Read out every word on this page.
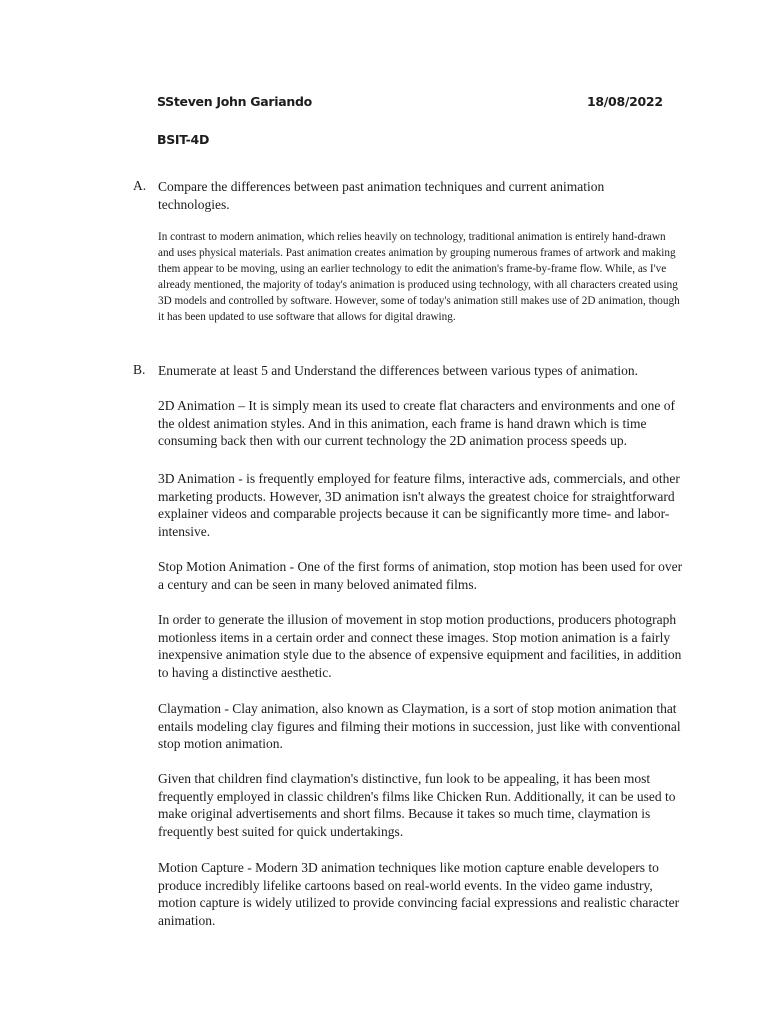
SSteven John Gariando	18/08/2022
BSIT-4D
A. Compare the differences between past animation techniques and current animation technologies.
In contrast to modern animation, which relies heavily on technology, traditional animation is entirely hand-drawn and uses physical materials. Past animation creates animation by grouping numerous frames of artwork and making them appear to be moving, using an earlier technology to edit the animation's frame-by-frame flow. While, as I've already mentioned, the majority of today's animation is produced using technology, with all characters created using 3D models and controlled by software. However, some of today's animation still makes use of 2D animation, though it has been updated to use software that allows for digital drawing.
B. Enumerate at least 5 and Understand the differences between various types of animation.
2D Animation – It is simply mean its used to create flat characters and environments and one of the oldest animation styles. And in this animation, each frame is hand drawn which is time consuming back then with our current technology the 2D animation process speeds up.
3D Animation - is frequently employed for feature films, interactive ads, commercials, and other marketing products. However, 3D animation isn't always the greatest choice for straightforward explainer videos and comparable projects because it can be significantly more time- and labor-intensive.
Stop Motion Animation - One of the first forms of animation, stop motion has been used for over a century and can be seen in many beloved animated films.
In order to generate the illusion of movement in stop motion productions, producers photograph motionless items in a certain order and connect these images. Stop motion animation is a fairly inexpensive animation style due to the absence of expensive equipment and facilities, in addition to having a distinctive aesthetic.
Claymation - Clay animation, also known as Claymation, is a sort of stop motion animation that entails modeling clay figures and filming their motions in succession, just like with conventional stop motion animation.
Given that children find claymation's distinctive, fun look to be appealing, it has been most frequently employed in classic children's films like Chicken Run. Additionally, it can be used to make original advertisements and short films. Because it takes so much time, claymation is frequently best suited for quick undertakings.
Motion Capture - Modern 3D animation techniques like motion capture enable developers to produce incredibly lifelike cartoons based on real-world events. In the video game industry, motion capture is widely utilized to provide convincing facial expressions and realistic character animation.
